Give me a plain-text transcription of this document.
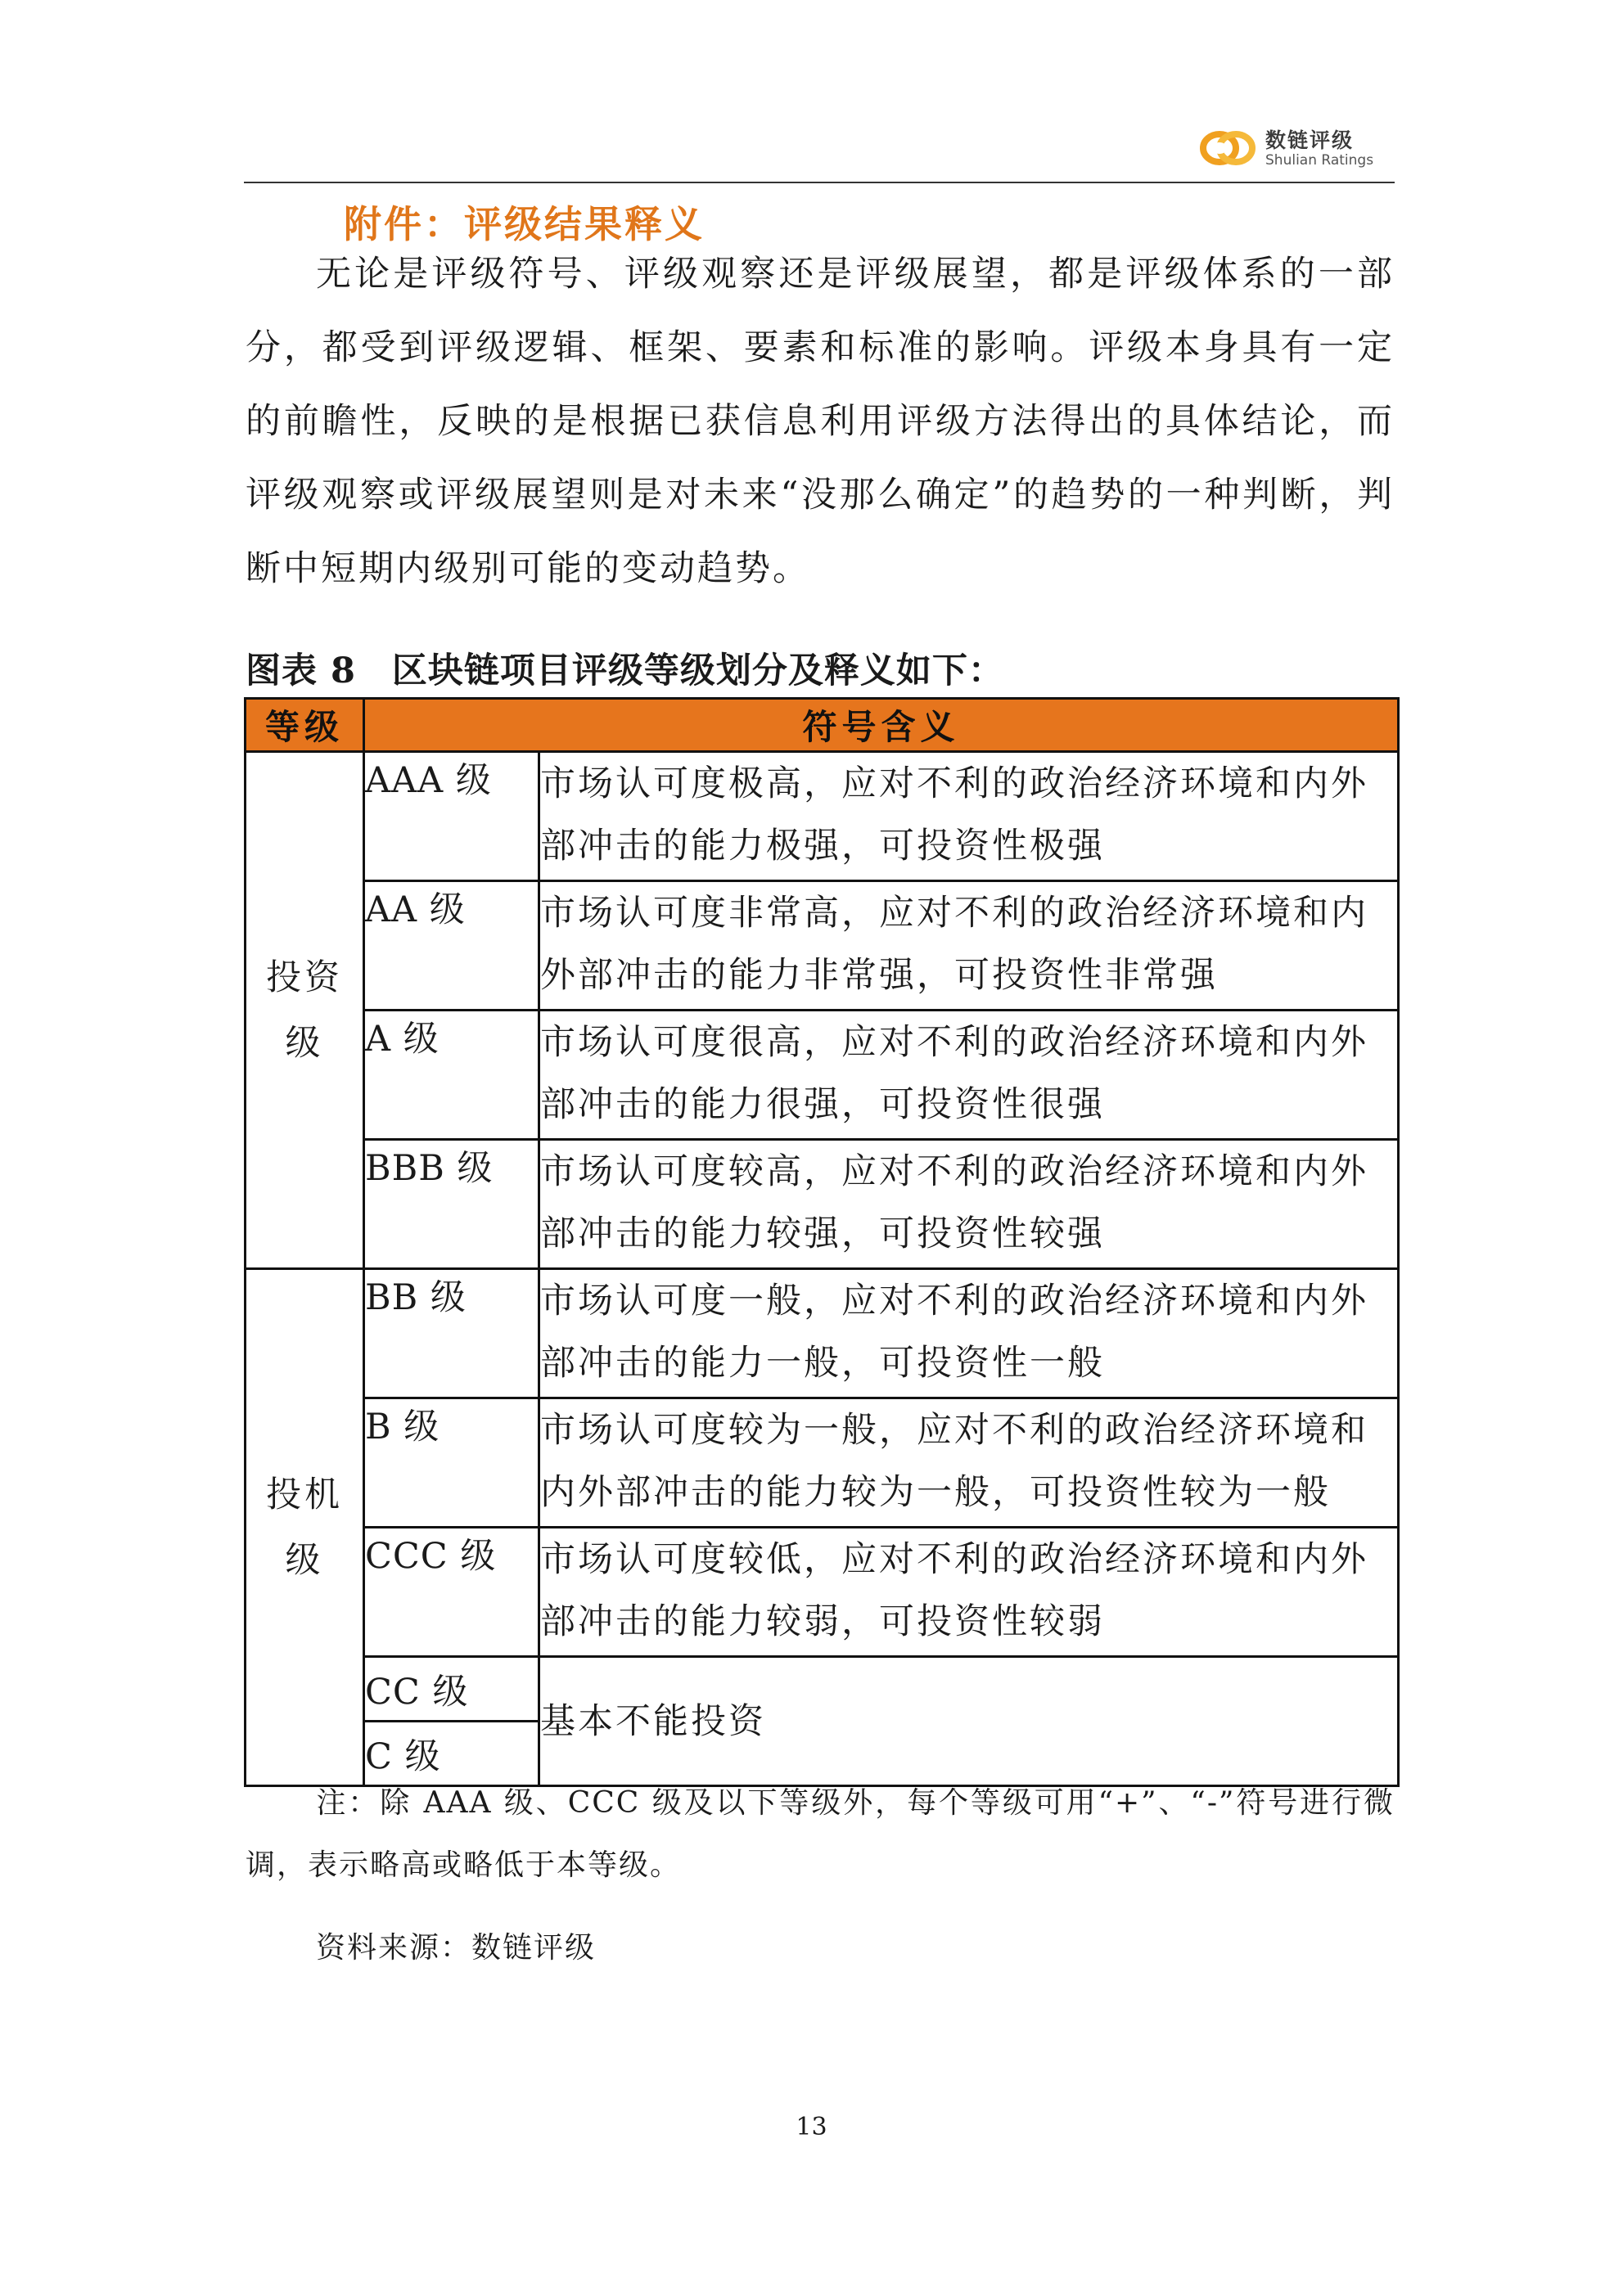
数链评级
Shulian Ratings
附件：评级结果释义

无论是评级符号、评级观察还是评级展望，都是评级体系的一部分，都受到评级逻辑、框架、要素和标准的影响。评级本身具有一定的前瞻性，反映的是根据已获信息利用评级方法得出的具体结论，而评级观察或评级展望则是对未来“没那么确定”的趋势的一种判断，判断中短期内级别可能的变动趋势。

图表 8　区块链项目评级等级划分及释义如下：
等级	符号含义	
投资
级	AAA 级	市场认可度极高，应对不利的政治经济环境和内外部冲击的能力极强，可投资性极强
	AA 级	市场认可度非常高，应对不利的政治经济环境和内外部冲击的能力非常强，可投资性非常强
	A 级	市场认可度很高，应对不利的政治经济环境和内外部冲击的能力很强，可投资性很强
	BBB 级	市场认可度较高，应对不利的政治经济环境和内外部冲击的能力较强，可投资性较强
投机
级	BB 级	市场认可度一般，应对不利的政治经济环境和内外部冲击的能力一般，可投资性一般
	B 级	市场认可度较为一般，应对不利的政治经济环境和内外部冲击的能力较为一般，可投资性较为一般
	CCC 级	市场认可度较低，应对不利的政治经济环境和内外部冲击的能力较弱，可投资性较弱
	CC 级	基本不能投资
	C 级	

注：除 AAA 级、CCC 级及以下等级外，每个等级可用“+”、“-”符号进行微调，表示略高或略低于本等级。

资料来源：数链评级
13
